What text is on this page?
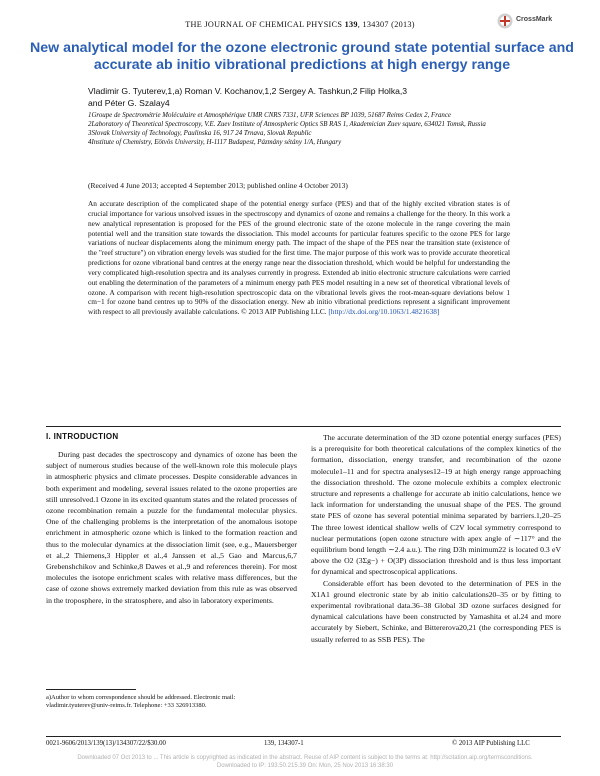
THE JOURNAL OF CHEMICAL PHYSICS 139, 134307 (2013)
CrossMark
New analytical model for the ozone electronic ground state potential surface and accurate ab initio vibrational predictions at high energy range
Vladimir G. Tyuterev,1,a) Roman V. Kochanov,1,2 Sergey A. Tashkun,2 Filip Holka,3
and Péter G. Szalay4
1Groupe de Spectrométrie Moléculaire et Atmosphérique UMR CNRS 7331, UFR Sciences BP 1039, 51687 Reims Cedex 2, France
2Laboratory of Theoretical Spectroscopy, V.E. Zuev Institute of Atmospheric Optics SB RAS 1, Akademician Zuev square, 634021 Tomsk, Russia
3Slovak University of Technology, Paulinska 16, 917 24 Trnava, Slovak Republic
4Institute of Chemistry, Eötvös University, H-1117 Budapest, Pázmány sétány 1/A, Hungary
(Received 4 June 2013; accepted 4 September 2013; published online 4 October 2013)
An accurate description of the complicated shape of the potential energy surface (PES) and that of the highly excited vibration states is of crucial importance for various unsolved issues in the spectroscopy and dynamics of ozone and remains a challenge for the theory. In this work a new analytical representation is proposed for the PES of the ground electronic state of the ozone molecule in the range covering the main potential well and the transition state towards the dissociation. This model accounts for particular features specific to the ozone PES for large variations of nuclear displacements along the minimum energy path. The impact of the shape of the PES near the transition state (existence of the "reef structure") on vibration energy levels was studied for the first time. The major purpose of this work was to provide accurate theoretical predictions for ozone vibrational band centres at the energy range near the dissociation threshold, which would be helpful for understanding the very complicated high-resolution spectra and its analyses currently in progress. Extended ab initio electronic structure calculations were carried out enabling the determination of the parameters of a minimum energy path PES model resulting in a new set of theoretical vibrational levels of ozone. A comparison with recent high-resolution spectroscopic data on the vibrational levels gives the root-mean-square deviations below 1 cm−1 for ozone band centres up to 90% of the dissociation energy. New ab initio vibrational predictions represent a significant improvement with respect to all previously available calculations. © 2013 AIP Publishing LLC. [http://dx.doi.org/10.1063/1.4821638]
I. INTRODUCTION

During past decades the spectroscopy and dynamics of ozone has been the subject of numerous studies because of the well-known role this molecule plays in atmospheric physics and climate processes. Despite considerable advances in both experiment and modeling, several issues related to the ozone properties are still unresolved.1 Ozone in its excited quantum states and the related processes of ozone recombination remain a puzzle for the fundamental molecular physics. One of the challenging problems is the interpretation of the anomalous isotope enrichment in atmospheric ozone which is linked to the formation reaction and thus to the molecular dynamics at the dissociation limit (see, e.g., Mauersberger et al.,2 Thiemens,3 Hippler et al.,4 Janssen et al.,5 Gao and Marcus,6,7 Grebenshchikov and Schinke,8 Dawes et al.,9 and references therein). For most molecules the isotope enrichment scales with relative mass differences, but the case of ozone shows extremely marked deviation from this rule as was observed in the troposphere, in the stratosphere, and also in laboratory experiments.

The accurate determination of the 3D ozone potential energy surfaces (PES) is a prerequisite for both theoretical calculations of the complex kinetics of the formation, dissociation, energy transfer, and recombination of the ozone molecule1–11 and for spectra analyses12–19 at high energy range approaching the dissociation threshold. The ozone molecule exhibits a complex electronic structure and represents a challenge for accurate ab initio calculations, hence we lack information for understanding the unusual shape of the PES. The ground state PES of ozone has several potential minima separated by barriers.1,20–25 The three lowest identical shallow wells of C2V local symmetry correspond to nuclear permutations (open ozone structure with apex angle of ∼117° and the equilibrium bond length ∼2.4 a.u.). The ring D3h minimum22 is located 0.3 eV above the O2 (3Σg−) + O(3P) dissociation threshold and is thus less important for dynamical and spectroscopical applications.

Considerable effort has been devoted to the determination of PES in the X1A1 ground electronic state by ab initio calculations20–35 or by fitting to experimental rovibrational data.36–38 Global 3D ozone surfaces designed for dynamical calculations have been constructed by Yamashita et al.24 and more accurately by Siebert, Schinke, and Bittererova20,21 (the corresponding PES is usually referred to as SSB PES). The

a)Author to whom correspondence should be addressed. Electronic mail: vladimir.tyuterev@univ-reims.fr. Telephone: +33 326913380.
0021-9606/2013/139(13)/134307/22/$30.00	139, 134307-1	© 2013 AIP Publishing LLC
Downloaded 07 Oct 2013 to ... This article is copyrighted as indicated in the abstract. Reuse of AIP content is subject to the terms at: http://scitation.aip.org/termsconditions. Downloaded to IP: 193.50.215.39 On: Mon, 25 Nov 2013 16:38:30
